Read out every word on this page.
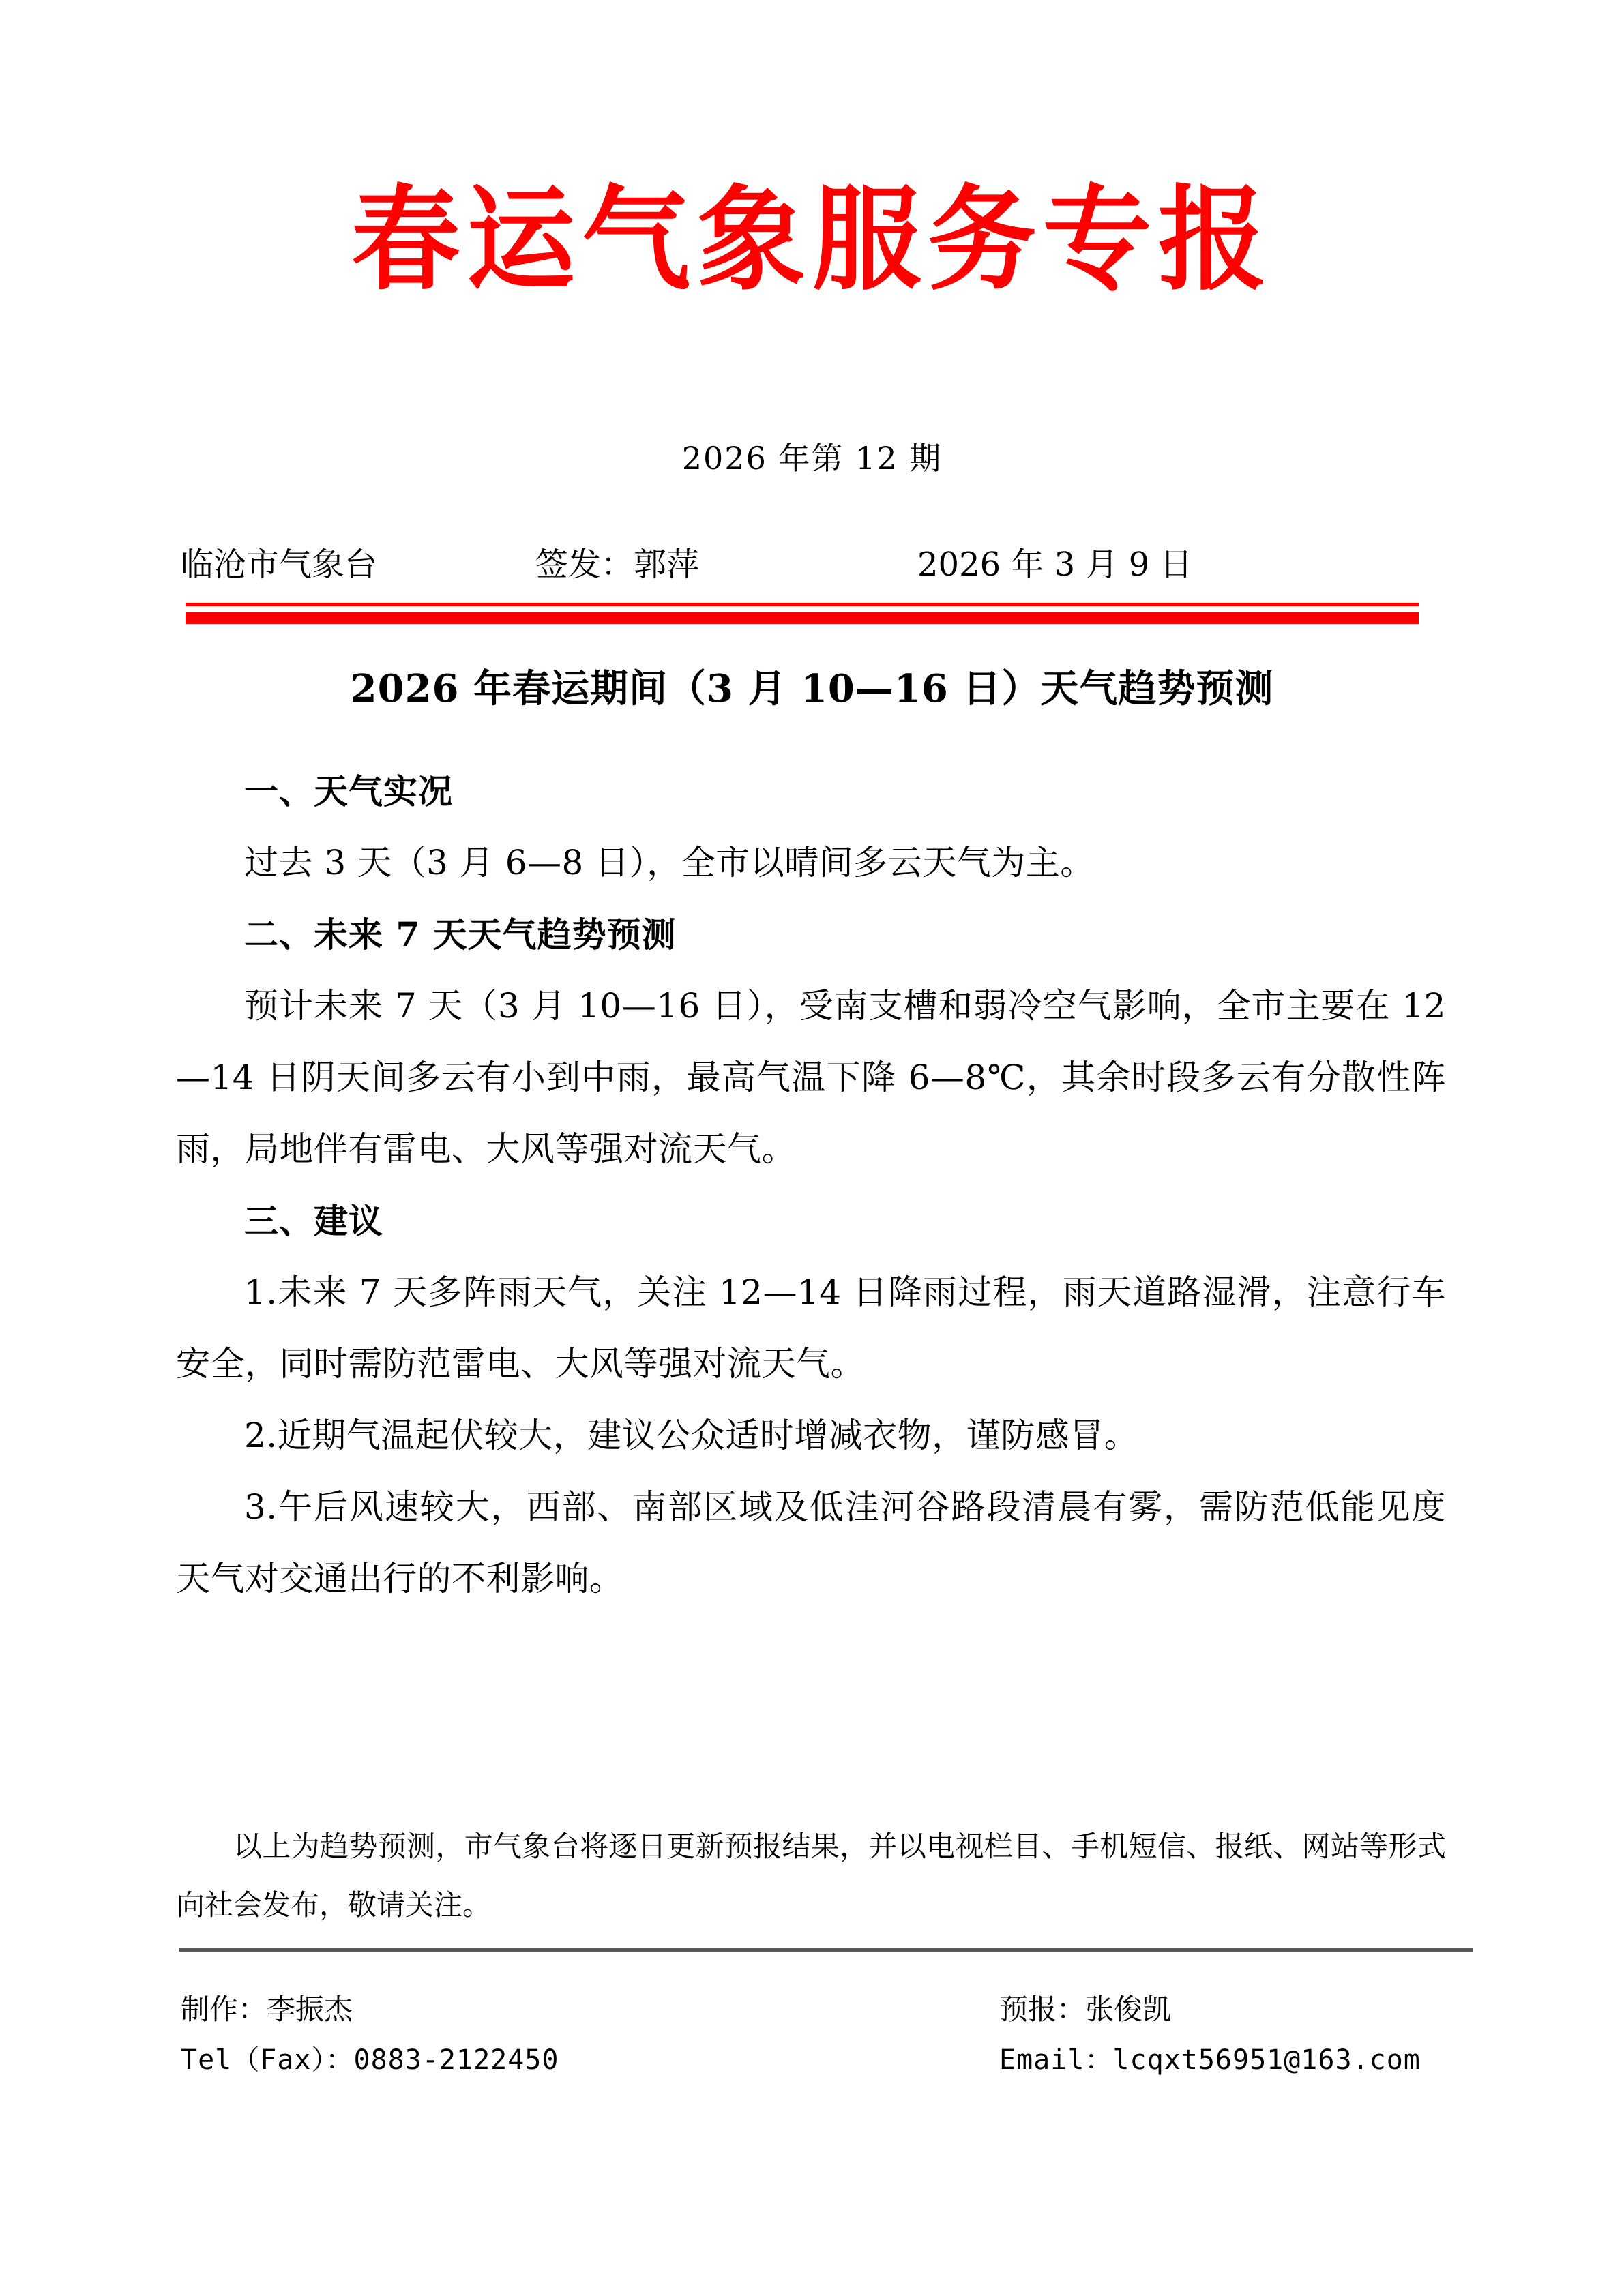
春运气象服务专报
2026 年第 12 期
临沧市气象台	签发：郭萍	2026 年 3 月 9 日
2026 年春运期间（3 月 10—16 日）天气趋势预测
一、天气实况
过去 3 天（3 月 6—8 日），全市以晴间多云天气为主。
二、未来 7 天天气趋势预测
预计未来 7 天（3 月 10—16 日），受南支槽和弱冷空气影响，全市主要在 12—14 日阴天间多云有小到中雨，最高气温下降 6—8℃，其余时段多云有分散性阵雨，局地伴有雷电、大风等强对流天气。
三、建议
1.未来 7 天多阵雨天气，关注 12—14 日降雨过程，雨天道路湿滑，注意行车安全，同时需防范雷电、大风等强对流天气。
2.近期气温起伏较大，建议公众适时增减衣物，谨防感冒。
3.午后风速较大，西部、南部区域及低洼河谷路段清晨有雾，需防范低能见度天气对交通出行的不利影响。
以上为趋势预测，市气象台将逐日更新预报结果，并以电视栏目、手机短信、报纸、网站等形式向社会发布，敬请关注。
制作：李振杰	预报：张俊凯
Tel（Fax）：0883-2122450	Email：lcqxt56951@163.com
